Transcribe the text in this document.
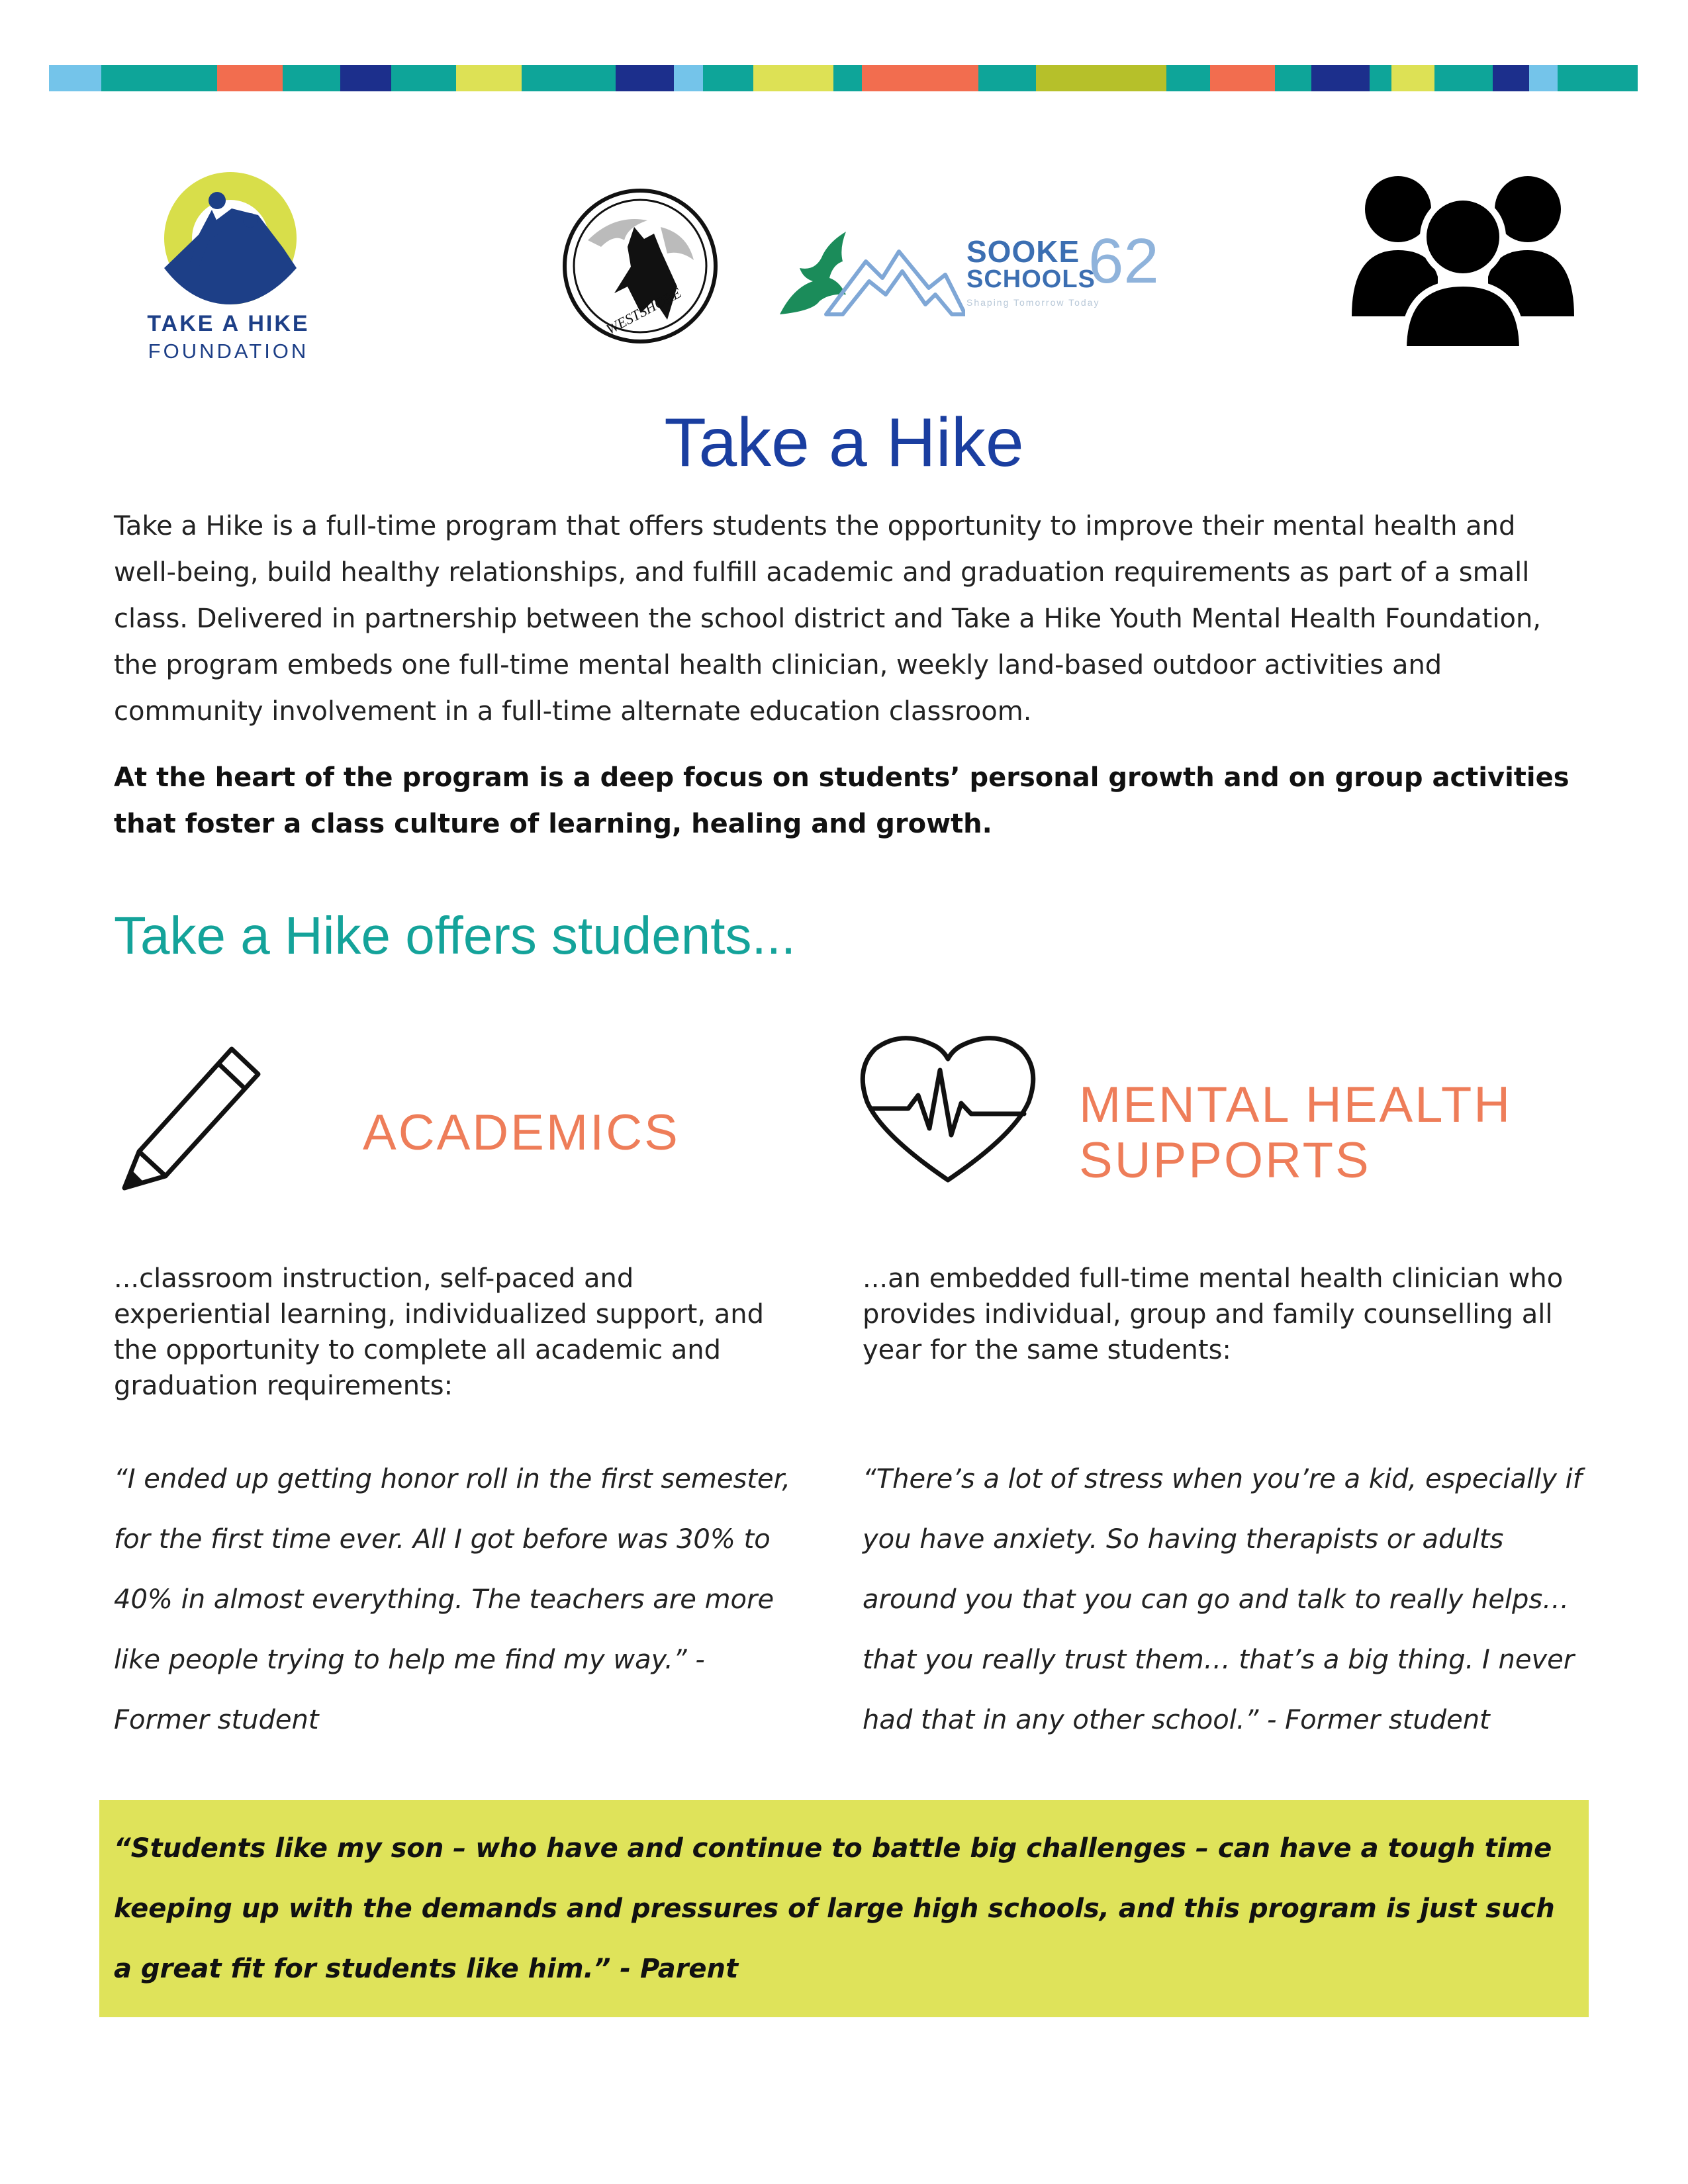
TAKE A HIKE
FOUNDATION
WESTSHORE
SOOKE
SCHOOLS
62
Shaping Tomorrow Today
Take a Hike

Take a Hike is a full-time program that offers students the opportunity to improve their mental health and well-being, build healthy relationships, and fulfill academic and graduation requirements as part of a small class. Delivered in partnership between the school district and Take a Hike Youth Mental Health Foundation, the program embeds one full-time mental health clinician, weekly land-based outdoor activities and community involvement in a full-time alternate education classroom.

At the heart of the program is a deep focus on students’ personal growth and on group activities that foster a class culture of learning, healing and growth.

Take a Hike offers students...
ACADEMICS	MENTAL HEALTH
SUPPORTS

...classroom instruction, self-paced and experiential learning, individualized support, and the opportunity to complete all academic and graduation requirements:

...an embedded full-time mental health clinician who provides individual, group and family counselling all year for the same students:

“I ended up getting honor roll in the first semester, for the first time ever. All I got before was 30% to 40% in almost everything. The teachers are more like people trying to help me find my way.” - Former student

“There’s a lot of stress when you’re a kid, especially if you have anxiety. So having therapists or adults around you that you can go and talk to really helps… that you really trust them… that’s a big thing. I never had that in any other school.” - Former student

“Students like my son – who have and continue to battle big challenges – can have a tough time keeping up with the demands and pressures of large high schools, and this program is just such a great fit for students like him.” - Parent
